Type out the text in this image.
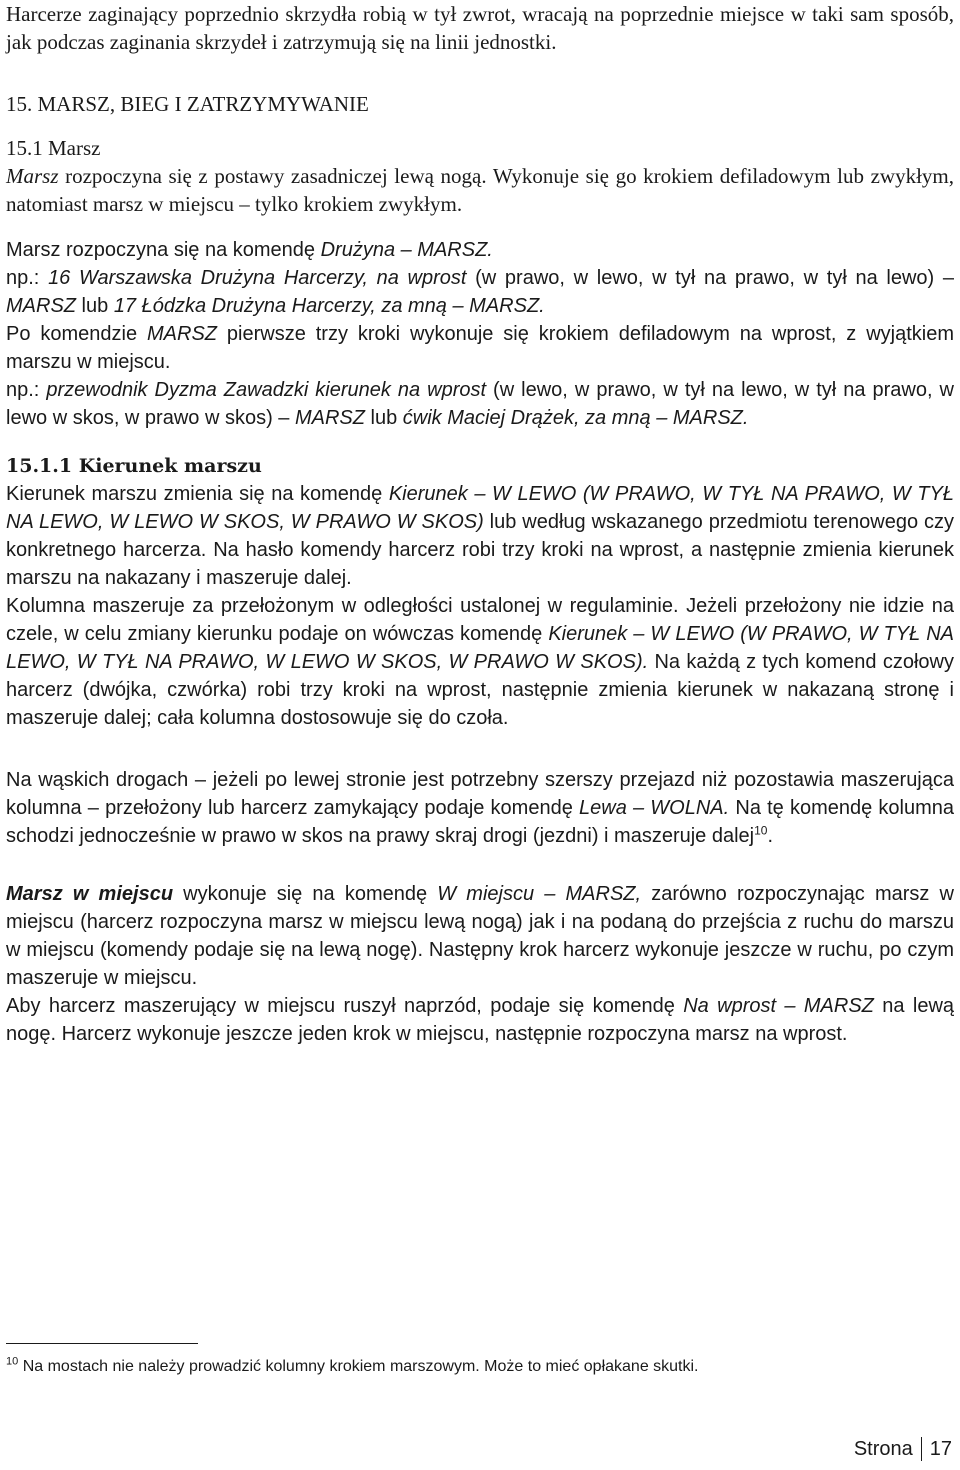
Harcerze zaginający poprzednio skrzydła robią w tył zwrot, wracają na poprzednie miejsce w taki sam sposób, jak podczas zaginania skrzydeł i zatrzymują się na linii jednostki.

15. MARSZ, BIEG I ZATRZYMYWANIE

15.1 Marsz

Marsz rozpoczyna się z postawy zasadniczej lewą nogą. Wykonuje się go krokiem defiladowym lub zwykłym, natomiast marsz w miejscu – tylko krokiem zwykłym.

Marsz rozpoczyna się na komendę Drużyna – MARSZ.

np.: 16 Warszawska Drużyna Harcerzy, na wprost (w prawo, w lewo, w tył na prawo, w tył na lewo) – MARSZ lub 17 Łódzka Drużyna Harcerzy, za mną – MARSZ.

Po komendzie MARSZ pierwsze trzy kroki wykonuje się krokiem defiladowym na wprost, z wyjątkiem marszu w miejscu.

np.: przewodnik Dyzma Zawadzki kierunek na wprost (w lewo, w prawo, w tył na lewo, w tył na prawo, w lewo w skos, w prawo w skos) – MARSZ lub ćwik Maciej Drążek, za mną – MARSZ.

15.1.1 Kierunek marszu

Kierunek marszu zmienia się na komendę Kierunek – W LEWO (W PRAWO, W TYŁ NA PRAWO, W TYŁ NA LEWO, W LEWO W SKOS, W PRAWO W SKOS) lub według wskazanego przedmiotu terenowego czy konkretnego harcerza. Na hasło komendy harcerz robi trzy kroki na wprost, a następnie zmienia kierunek marszu na nakazany i maszeruje dalej.

Kolumna maszeruje za przełożonym w odległości ustalonej w regulaminie. Jeżeli przełożony nie idzie na czele, w celu zmiany kierunku podaje on wówczas komendę Kierunek – W LEWO (W PRAWO, W TYŁ NA LEWO, W TYŁ NA PRAWO, W LEWO W SKOS, W PRAWO W SKOS). Na każdą z tych komend czołowy harcerz (dwójka, czwórka) robi trzy kroki na wprost, następnie zmienia kierunek w nakazaną stronę i maszeruje dalej; cała kolumna dostosowuje się do czoła.

Na wąskich drogach – jeżeli po lewej stronie jest potrzebny szerszy przejazd niż pozostawia maszerująca kolumna – przełożony lub harcerz zamykający podaje komendę Lewa – WOLNA. Na tę komendę kolumna schodzi jednocześnie w prawo w skos na prawy skraj drogi (jezdni) i maszeruje dalej$^{10}$.

Marsz w miejscu wykonuje się na komendę W miejscu – MARSZ, zarówno rozpoczynając marsz w miejscu (harcerz rozpoczyna marsz w miejscu lewą nogą) jak i na podaną do przejścia z ruchu do marszu w miejscu (komendy podaje się na lewą nogę). Następny krok harcerz wykonuje jeszcze w ruchu, po czym maszeruje w miejscu.

Aby harcerz maszerujący w miejscu ruszył naprzód, podaje się komendę Na wprost – MARSZ na lewą nogę. Harcerz wykonuje jeszcze jeden krok w miejscu, następnie rozpoczyna marsz na wprost.

$^{10}$ Na mostach nie należy prowadzić kolumny krokiem marszowym. Może to mieć opłakane skutki.

Strona 17
